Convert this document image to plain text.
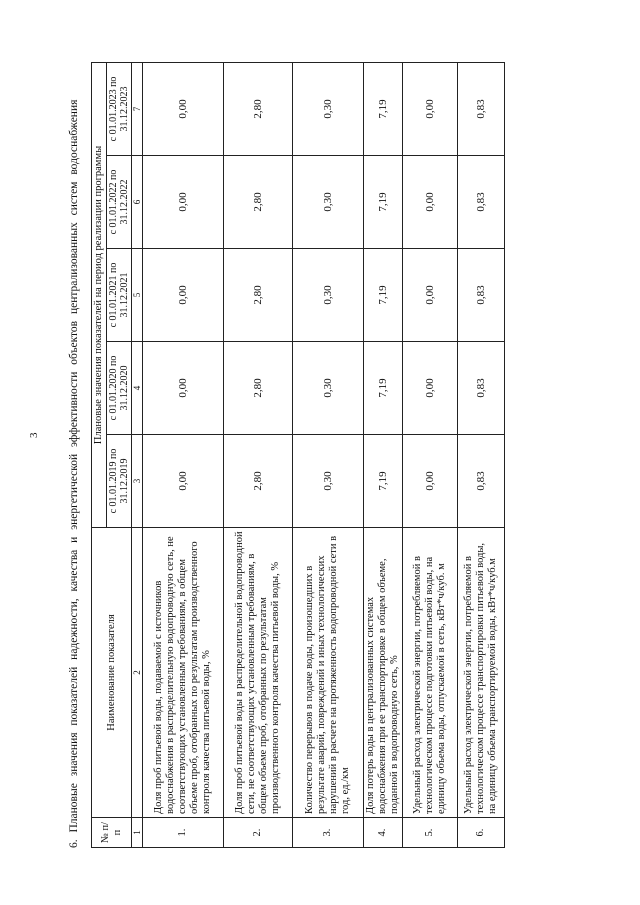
3 6. Плановые значения показателей надежности, качества и энергетической эффективности объектов централизованных систем водоснабжения № п/п	Наименование показателя	Плановые значения показателей на период реализации программы				
		с 01.01.2019 по 31.12.2019	с 01.01.2020 по 31.12.2020	с 01.01.2021 по 31.12.2021	с 01.01.2022 по 31.12.2022	с 01.01.2023 по 31.12.2023
1	2	3	4	5	6	7
1.	Доля проб питьевой воды, подаваемой с источников водоснабжения в распределительную водопроводную сеть, не соответствующих установленным требованиям, в общем объеме проб, отобранных по результатам производственного контроля качества питьевой воды, %	0,00	0,00	0,00	0,00	0,00
2.	Доля проб питьевой воды в распределительной водопроводной сети, не соответствующих установленным требованиям, в общем объеме проб, отобранных по результатам производственного контроля качества питьевой воды, %	2,80	2,80	2,80	2,80	2,80
3.	Количество перерывов в подаче воды, произошедших в результате аварий, повреждений и иных технологических нарушений в расчете на протяженность водопроводной сети в год, ед./км	0,30	0,30	0,30	0,30	0,30
4.	Доля потерь воды в централизованных системах водоснабжения при ее транспортировке в общем объеме, поданной в водопроводную сеть, %	7,19	7,19	7,19	7,19	7,19
5.	Удельный расход электрической энергии, потребляемой в технологическом процессе подготовки питьевой воды, на единицу объема воды, отпускаемой в сеть, кВт*ч/куб. м	0,00	0,00	0,00	0,00	0,00
6.	Удельный расход электрической энергии, потребляемой в технологическом процессе транспортировки питьевой воды, на единицу объема транспортируемой воды, кВт*ч/куб.м	0,83	0,83	0,83	0,83	0,83
